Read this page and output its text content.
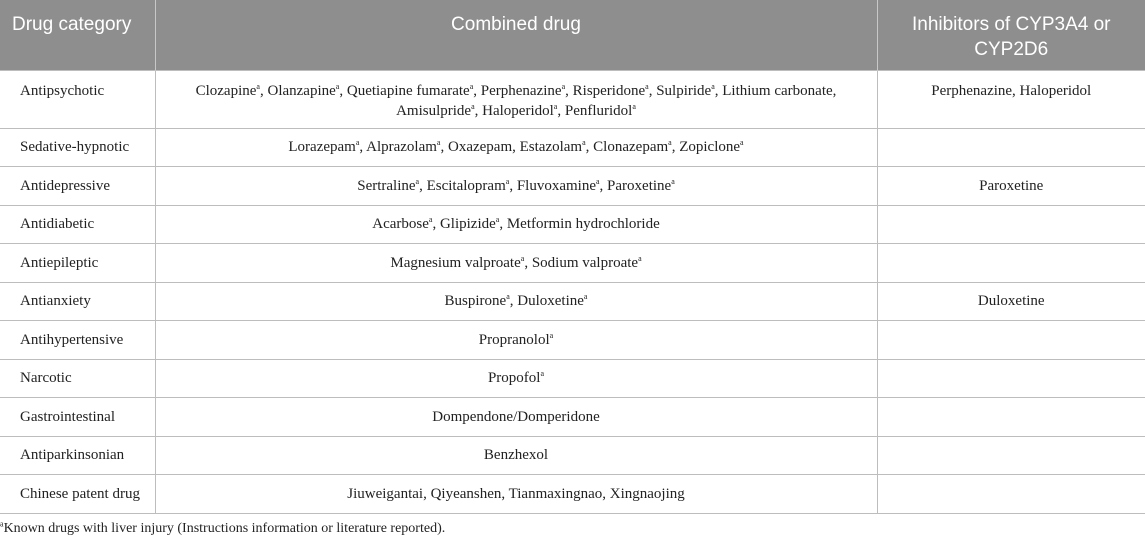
Drug category	Combined drug	Inhibitors of CYP3A4 or CYP2D6
Antipsychotic	Clozapine$^a$, Olanzapine$^a$, Quetiapine fumarate$^a$, Perphenazine$^a$, Risperidone$^a$, Sulpiride$^a$, Lithium carbonate, Amisulpride$^a$, Haloperidol$^a$, Penfluridol$^a$	Perphenazine, Haloperidol
Sedative-hypnotic	Lorazepam$^a$, Alprazolam$^a$, Oxazepam, Estazolam$^a$, Clonazepam$^a$, Zopiclone$^a$	
Antidepressive	Sertraline$^a$, Escitalopram$^a$, Fluvoxamine$^a$, Paroxetine$^a$	Paroxetine
Antidiabetic	Acarbose$^a$, Glipizide$^a$, Metformin hydrochloride	
Antiepileptic	Magnesium valproate$^a$, Sodium valproate$^a$	
Antianxiety	Buspirone$^a$, Duloxetine$^a$	Duloxetine
Antihypertensive	Propranolol$^a$	
Narcotic	Propofol$^a$	
Gastrointestinal	Dompendone/Domperidone	
Antiparkinsonian	Benzhexol	
Chinese patent drug	Jiuweigantai, Qiyeanshen, Tianmaxingnao, Xingnaojing	
$^a$Known drugs with liver injury (Instructions information or literature reported).
